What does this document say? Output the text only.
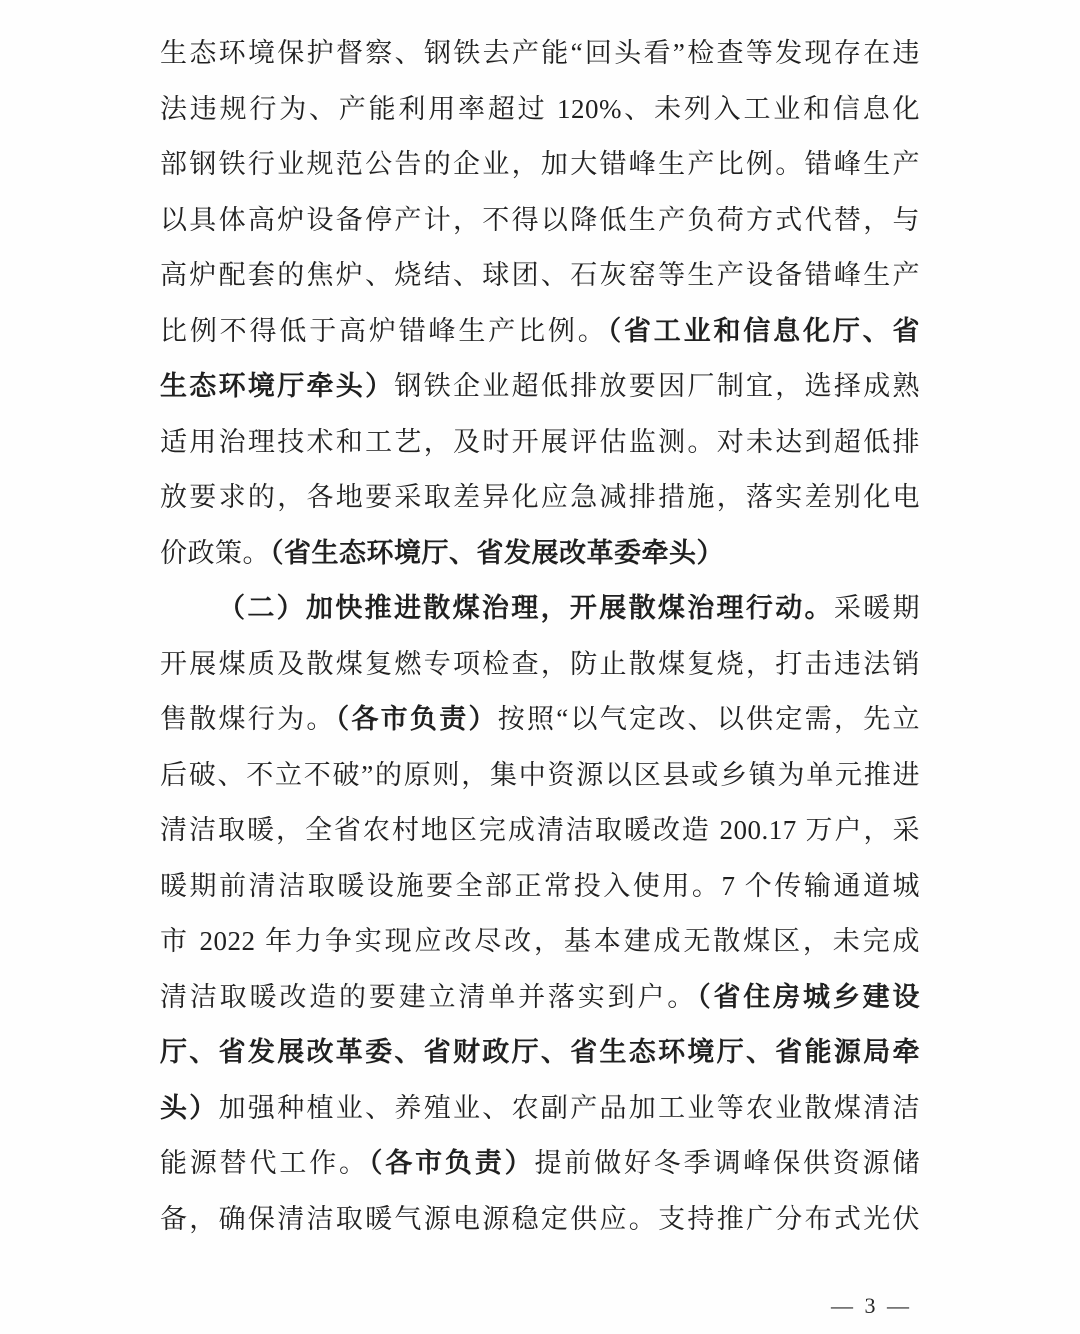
生态环境保护督察、钢铁去产能“回头看”检查等发现存在违
法违规行为、产能利用率超过 120%、未列入工业和信息化
部钢铁行业规范公告的企业，加大错峰生产比例。错峰生产
以具体高炉设备停产计，不得以降低生产负荷方式代替，与
高炉配套的焦炉、烧结、球团、石灰窑等生产设备错峰生产
比例不得低于高炉错峰生产比例。（省工业和信息化厅、省
生态环境厅牵头）钢铁企业超低排放要因厂制宜，选择成熟
适用治理技术和工艺，及时开展评估监测。对未达到超低排
放要求的，各地要采取差异化应急减排措施，落实差别化电
价政策。（省生态环境厅、省发展改革委牵头）
（二）加快推进散煤治理，开展散煤治理行动。采暖期
开展煤质及散煤复燃专项检查，防止散煤复烧，打击违法销
售散煤行为。（各市负责）按照“以气定改、以供定需，先立
后破、不立不破”的原则，集中资源以区县或乡镇为单元推进
清洁取暖，全省农村地区完成清洁取暖改造 200.17 万户，采
暖期前清洁取暖设施要全部正常投入使用。7 个传输通道城
市 2022 年力争实现应改尽改，基本建成无散煤区，未完成
清洁取暖改造的要建立清单并落实到户。（省住房城乡建设
厅、省发展改革委、省财政厅、省生态环境厅、省能源局牵
头）加强种植业、养殖业、农副产品加工业等农业散煤清洁
能源替代工作。（各市负责）提前做好冬季调峰保供资源储
备，确保清洁取暖气源电源稳定供应。支持推广分布式光伏
— 3 —
